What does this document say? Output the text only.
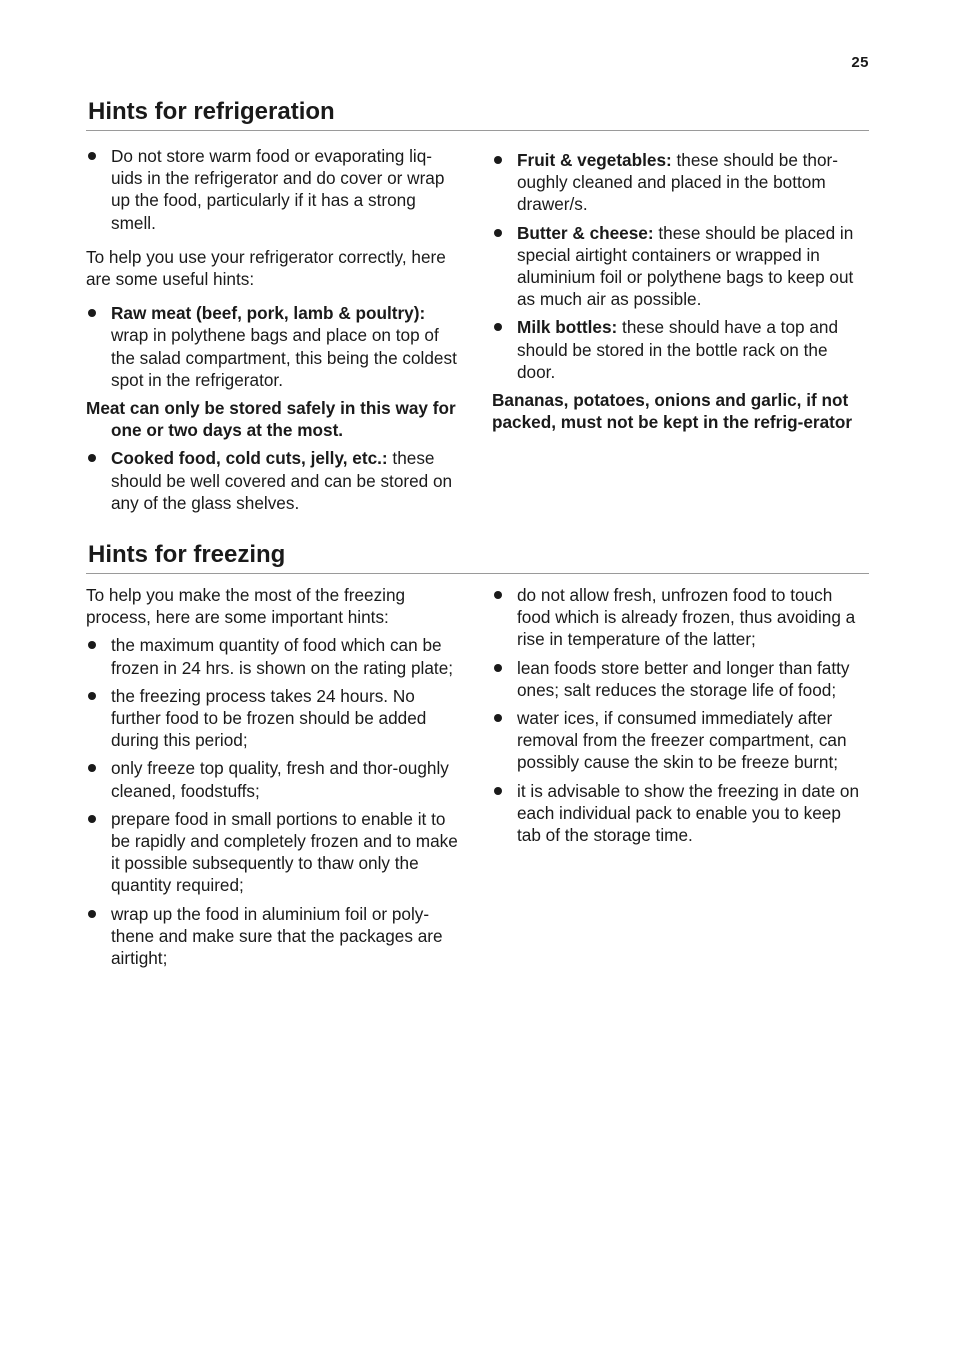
25
Hints for refrigeration
Do not store warm food or evaporating liq-uids in the refrigerator and do cover or wrap up the food, particularly if it has a strong smell.

To help you use your refrigerator correctly, here are some useful hints:

Raw meat (beef, pork, lamb & poultry): wrap in polythene bags and place on top of the salad compartment, this being the coldest spot in the refrigerator.

Meat can only be stored safely in this way for one or two days at the most.

Cooked food, cold cuts, jelly, etc.: these should be well covered and can be stored on any of the glass shelves.
Fruit & vegetables: these should be thor-oughly cleaned and placed in the bottom drawer/s.
Butter & cheese: these should be placed in special airtight containers or wrapped in aluminium foil or polythene bags to keep out as much air as possible.
Milk bottles: these should have a top and should be stored in the bottle rack on the door.

Bananas, potatoes, onions and garlic, if not packed, must not be kept in the refrig-erator

Hints for freezing

To help you make the most of the freezing process, here are some important hints:

the maximum quantity of food which can be frozen in 24 hrs. is shown on the rating plate;
the freezing process takes 24 hours. No further food to be frozen should be added during this period;
only freeze top quality, fresh and thor-oughly cleaned, foodstuffs;
prepare food in small portions to enable it to be rapidly and completely frozen and to make it possible subsequently to thaw only the quantity required;
wrap up the food in aluminium foil or poly-thene and make sure that the packages are airtight;
do not allow fresh, unfrozen food to touch food which is already frozen, thus avoiding a rise in temperature of the latter;
lean foods store better and longer than fatty ones; salt reduces the storage life of food;
water ices, if consumed immediately after removal from the freezer compartment, can possibly cause the skin to be freeze burnt;
it is advisable to show the freezing in date on each individual pack to enable you to keep tab of the storage time.
